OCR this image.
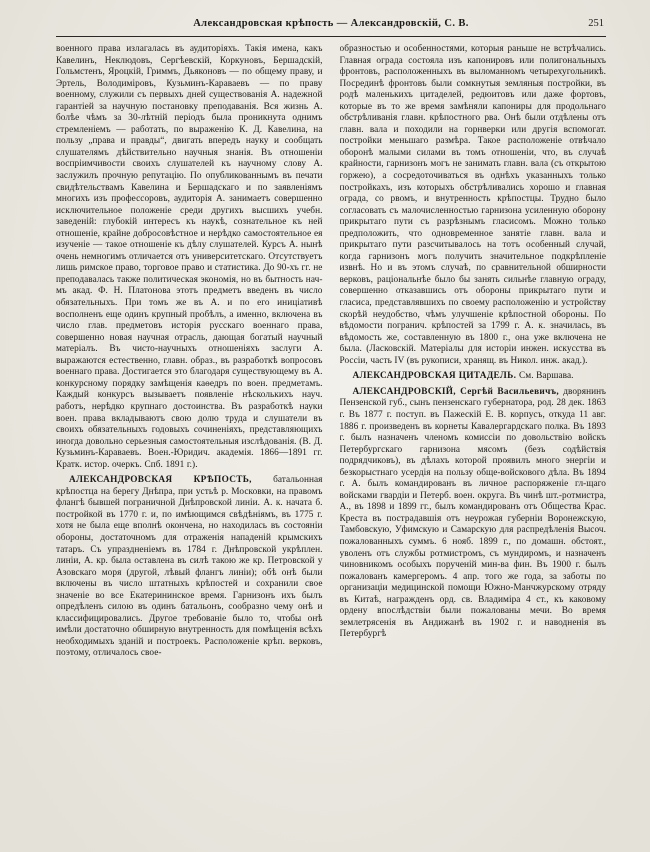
Александровская крѣпость — Александровскій, С. В.	251

военного права излагалась въ аудиторіяхъ. Такія имена, какъ Кавелинъ, Неклюдовъ, Сергѣевскій, Коркуновъ, Бершадскій, Гольмстенъ, Яроцкій, Гриммъ, Дьяконовъ — по общему праву, и Эртель, Володиміровъ, Кузьминъ-Караваевъ — по праву военному, служили съ первыхъ дней существованія А. надежной гарантіей за научную постановку преподаванія. Вся жизнь А. болѣе чѣмъ за 30-лѣтній періодъ была проникнута однимъ стремленіемъ — работать, по выраженію К. Д. Кавелина, на пользу „права и правды“, двигать впередъ науку и сообщать слушателямъ дѣйствительно научныя знанія. Въ отношеніи воспріимчивости своихъ слушателей къ научному слову А. заслужилъ прочную репутацію. По опубликованнымъ въ печати свидѣтельствамъ Кавелина и Бершадскаго и по заявленіямъ многихъ изъ профессоровъ, аудиторія А. занимаетъ совершенно исключительное положеніе среди другихъ высшихъ учебн. заведеній: глубокій интересъ къ наукѣ, сознательное къ ней отношеніе, крайне добросовѣстное и нерѣдко самостоятельное ея изученіе — такое отношеніе къ дѣлу слушателей. Курсъ А. нынѣ очень немногимъ отличается отъ университетскаго. Отсутствуетъ лишь римское право, торговое право и статистика. До 90-хъ гг. не преподавалась также политическая экономія, но въ бытность нач-мъ акад. Ф. Н. Платонова этотъ предметъ введенъ въ число обязательныхъ. При томъ же въ А. и по его иниціативѣ восполненъ еще одинъ крупный пробѣлъ, а именно, включена въ число глав. предметовъ исторія русскаго военнаго права, совершенно новая научная отрасль, дающая богатый научный матеріалъ. Въ чисто-научныхъ отношеніяхъ заслуги А. выражаются естественно, главн. образ., въ разработкѣ вопросовъ военнаго права. Достигается это благодаря существующему въ А. конкурсному порядку замѣщенія каѳедръ по воен. предметамъ. Каждый конкурсъ вызываетъ появленіе нѣсколькихъ науч. работъ, нерѣдко крупнаго достоинства. Въ разработкѣ науки воен. права вкладываютъ свою долю труда и слушатели въ своихъ обязательныхъ годовыхъ сочиненіяхъ, представляющихъ иногда довольно серьезныя самостоятельныя изслѣдованія. (В. Д. Кузьминъ-Караваевъ. Воен.-Юридич. академія. 1866—1891 гг. Кратк. истор. очеркъ. Спб. 1891 г.).

АЛЕКСАНДРОВСКАЯ КРѢПОСТЬ, батальонная крѣпостца на берегу Днѣпра, при устьѣ р. Московки, на правомъ флангѣ бывшей пограничной Днѣпровской линіи. А. к. начата б. постройкой въ 1770 г. и, по имѣющимся свѣдѣніямъ, въ 1775 г. хотя не была еще вполнѣ окончена, но находилась въ состояніи обороны, достаточномъ для отраженія нападеній крымскихъ татаръ. Съ упраздненіемъ въ 1784 г. Днѣпровской укрѣплен. линіи, А. кр. была оставлена въ силѣ такою же кр. Петровской у Азовскаго моря (другой, лѣвый флангъ линіи); обѣ онѣ были включены въ число штатныхъ крѣпостей и сохранили свое значеніе во все Екатерининское время. Гарнизонъ ихъ былъ опредѣленъ силою въ одинъ батальонъ, сообразно чему онѣ и классифицировались. Другое требованіе было то, чтобы онѣ имѣли достаточно обширную внутренность для помѣщенія всѣхъ необходимыхъ зданій и построекъ. Расположеніе крѣп. верковъ, поэтому, отличалось свое-

образностью и особенностями, которыя раньше не встрѣчались. Главная ограда состояла изъ капонировъ или полигональныхъ фронтовъ, расположенныхъ въ выломанномъ четырехугольникѣ. Посрединѣ фронтовъ были сомкнутыя земляныя постройки, въ родѣ маленькихъ цитаделей, редюитовъ или даже фортовъ, которые въ то же время замѣняли капониры для продольнаго обстрѣливанія главн. крѣпостного рва. Онѣ были отдѣлены отъ главн. вала и походили на горнверки или другія вспомогат. постройки меньшаго размѣра. Такое расположеніе отвѣчало оборонѣ малыми силами въ томъ отношеніи, что, въ случаѣ крайности, гарнизонъ могъ не занимать главн. вала (съ открытою горжею), а сосредоточиваться въ однѣхъ указанныхъ только постройкахъ, изъ которыхъ обстрѣливались хорошо и главная ограда, со рвомъ, и внутренность крѣпостцы. Трудно было согласовать съ малочисленностью гарнизона усиленную оборону прикрытаго пути съ разрѣзнымъ гласисомъ. Можно только предположить, что одновременное занятіе главн. вала и прикрытаго пути разсчитывалось на тотъ особенный случай, когда гарнизонъ могъ получить значительное подкрѣпленіе извнѣ. Но и въ этомъ случаѣ, по сравнительной обширности верковъ, раціональнѣе было бы занять сильнѣе главную ограду, совершенно отказавшись отъ обороны прикрытаго пути и гласиса, представлявшихъ по своему расположенію и устройству скорѣй неудобство, чѣмъ улучшеніе крѣпостной обороны. По вѣдомости погранич. крѣпостей за 1799 г. А. к. значилась, въ вѣдомость же, составленную въ 1800 г., она уже включена не была. (Ласковскій. Матеріалы для исторіи инжен. искусства въ Россіи, часть IV (въ рукописи, хранящ. въ Никол. инж. акад.).

АЛЕКСАНДРОВСКАЯ ЦИТАДЕЛЬ. См. Варшава.

АЛЕКСАНДРОВСКІЙ, Сергѣй Васильевичъ, дворянинъ Пензенской губ., сынъ пензенскаго губернатора, род. 28 дек. 1863 г. Въ 1877 г. поступ. въ Пажескій Е. В. корпусъ, откуда 11 авг. 1886 г. произведенъ въ корнеты Кавалергардскаго полка. Въ 1893 г. былъ назначенъ членомъ комиссіи по довольствію войскъ Петербургскаго гарнизона мясомъ (безъ содѣйствія подрядчиковъ), въ дѣлахъ которой проявилъ много энергіи и безкорыстнаго усердія на пользу обще-войскового дѣла. Въ 1894 г. А. былъ командированъ въ личное распоряженіе гл-щаго войсками гвардіи и Петерб. воен. округа. Въ чинѣ шт.-ротмистра, А., въ 1898 и 1899 гг., былъ командированъ отъ Общества Крас. Креста въ пострадавшія отъ неурожая губерніи Воронежскую, Тамбовскую, Уфимскую и Самарскую для распредѣленія Высоч. пожалованныхъ суммъ. 6 нояб. 1899 г., по домашн. обстоят., уволенъ отъ службы ротмистромъ, съ мундиромъ, и назначенъ чиновникомъ особыхъ порученій мин-ва фин. Въ 1900 г. былъ пожалованъ камергеромъ. 4 апр. того же года, за заботы по организаціи медицинской помощи Южно-Манчжурскому отряду въ Китаѣ, награжденъ орд. св. Владиміра 4 ст., къ каковому ордену впослѣдствіи были пожалованы мечи. Во время землетрясенія въ Андижанѣ въ 1902 г. и наводненія въ Петербургѣ
